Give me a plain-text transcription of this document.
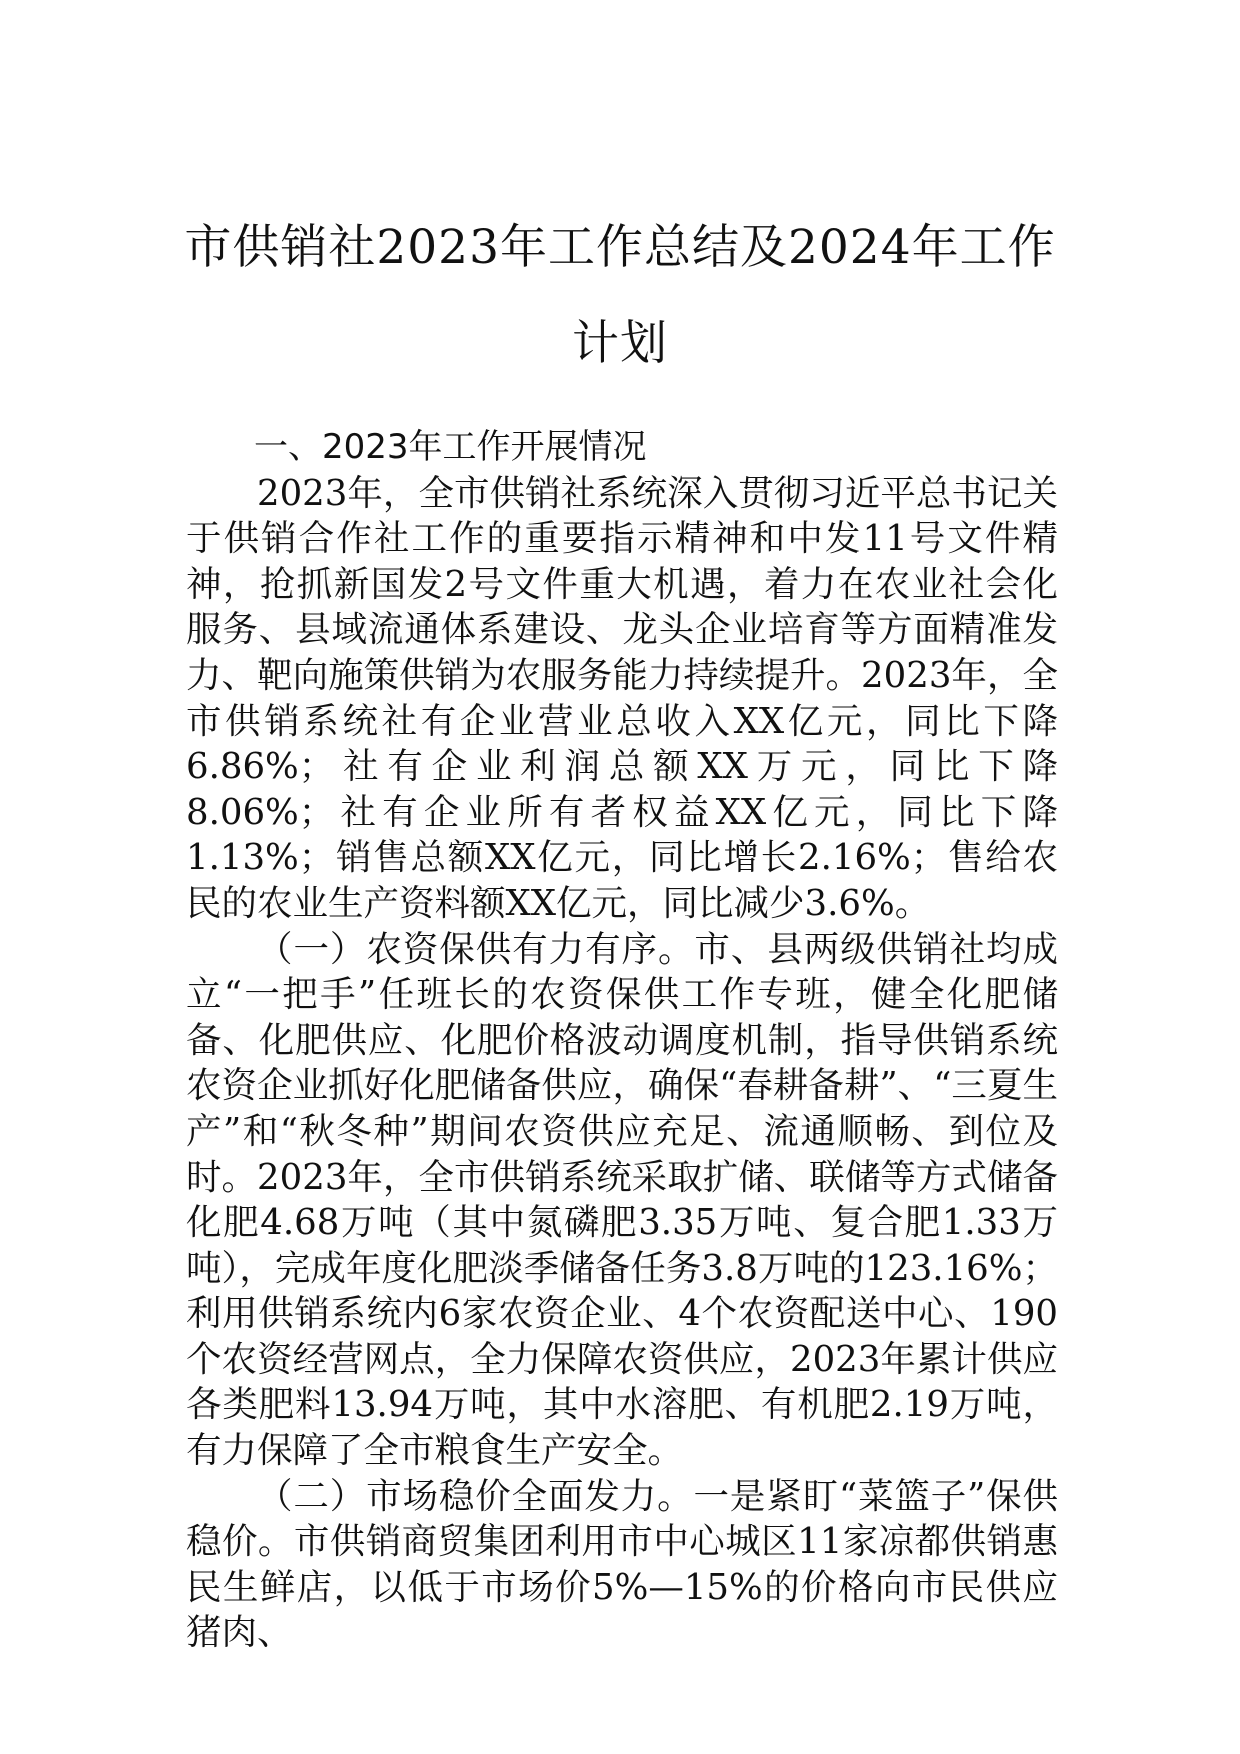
市供销社2023年工作总结及2024年工作计划

一、2023年工作开展情况

2023年，全市供销社系统深入贯彻习近平总书记关于供销合作社工作的重要指示精神和中发11号文件精神，抢抓新国发2号文件重大机遇，着力在农业社会化服务、县域流通体系建设、龙头企业培育等方面精准发力、靶向施策供销为农服务能力持续提升。2023年，全市供销系统社有企业营业总收入XX亿元，同比下降6.86%；社有企业利润总额XX万元，同比下降8.06%；社有企业所有者权益XX亿元，同比下降1.13%；销售总额XX亿元，同比增长2.16%；售给农民的农业生产资料额XX亿元，同比减少3.6%。

（一）农资保供有力有序。市、县两级供销社均成立“一把手”任班长的农资保供工作专班，健全化肥储备、化肥供应、化肥价格波动调度机制，指导供销系统农资企业抓好化肥储备供应，确保“春耕备耕”、“三夏生产”和“秋冬种”期间农资供应充足、流通顺畅、到位及时。2023年，全市供销系统采取扩储、联储等方式储备化肥4.68万吨（其中氮磷肥3.35万吨、复合肥1.33万吨），完成年度化肥淡季储备任务3.8万吨的123.16%；利用供销系统内6家农资企业、4个农资配送中心、190个农资经营网点，全力保障农资供应，2023年累计供应各类肥料13.94万吨，其中水溶肥、有机肥2.19万吨，有力保障了全市粮食生产安全。

（二）市场稳价全面发力。一是紧盯“菜篮子”保供稳价。市供销商贸集团利用市中心城区11家凉都供销惠民生鲜店，以低于市场价5%—15%的价格向市民供应猪肉、
